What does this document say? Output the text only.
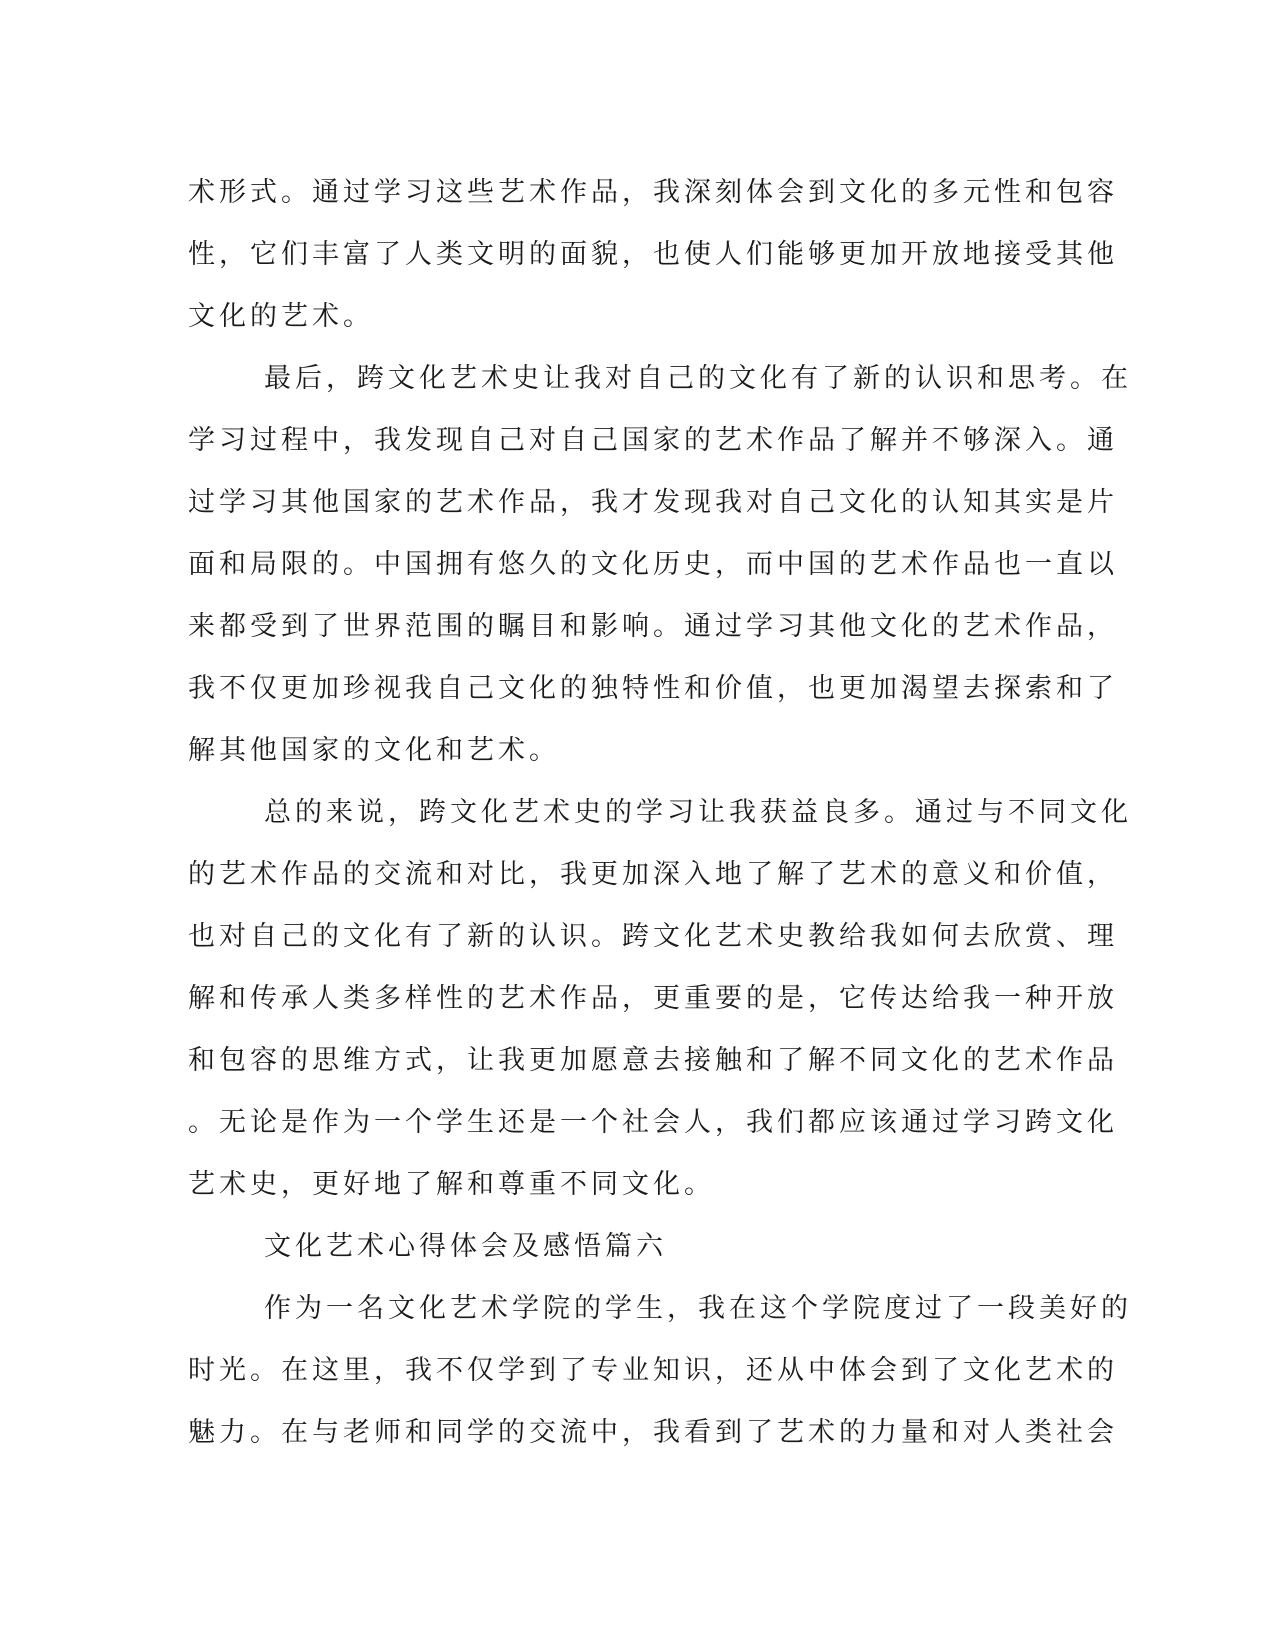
术形式。通过学习这些艺术作品，我深刻体会到文化的多元性和包容
性，它们丰富了人类文明的面貌，也使人们能够更加开放地接受其他
文化的艺术。
最后，跨文化艺术史让我对自己的文化有了新的认识和思考。在
学习过程中，我发现自己对自己国家的艺术作品了解并不够深入。通
过学习其他国家的艺术作品，我才发现我对自己文化的认知其实是片
面和局限的。中国拥有悠久的文化历史，而中国的艺术作品也一直以
来都受到了世界范围的瞩目和影响。通过学习其他文化的艺术作品，
我不仅更加珍视我自己文化的独特性和价值，也更加渴望去探索和了
解其他国家的文化和艺术。
总的来说，跨文化艺术史的学习让我获益良多。通过与不同文化
的艺术作品的交流和对比，我更加深入地了解了艺术的意义和价值，
也对自己的文化有了新的认识。跨文化艺术史教给我如何去欣赏、理
解和传承人类多样性的艺术作品，更重要的是，它传达给我一种开放
和包容的思维方式，让我更加愿意去接触和了解不同文化的艺术作品
。无论是作为一个学生还是一个社会人，我们都应该通过学习跨文化
艺术史，更好地了解和尊重不同文化。
文化艺术心得体会及感悟篇六
作为一名文化艺术学院的学生，我在这个学院度过了一段美好的
时光。在这里，我不仅学到了专业知识，还从中体会到了文化艺术的
魅力。在与老师和同学的交流中，我看到了艺术的力量和对人类社会
